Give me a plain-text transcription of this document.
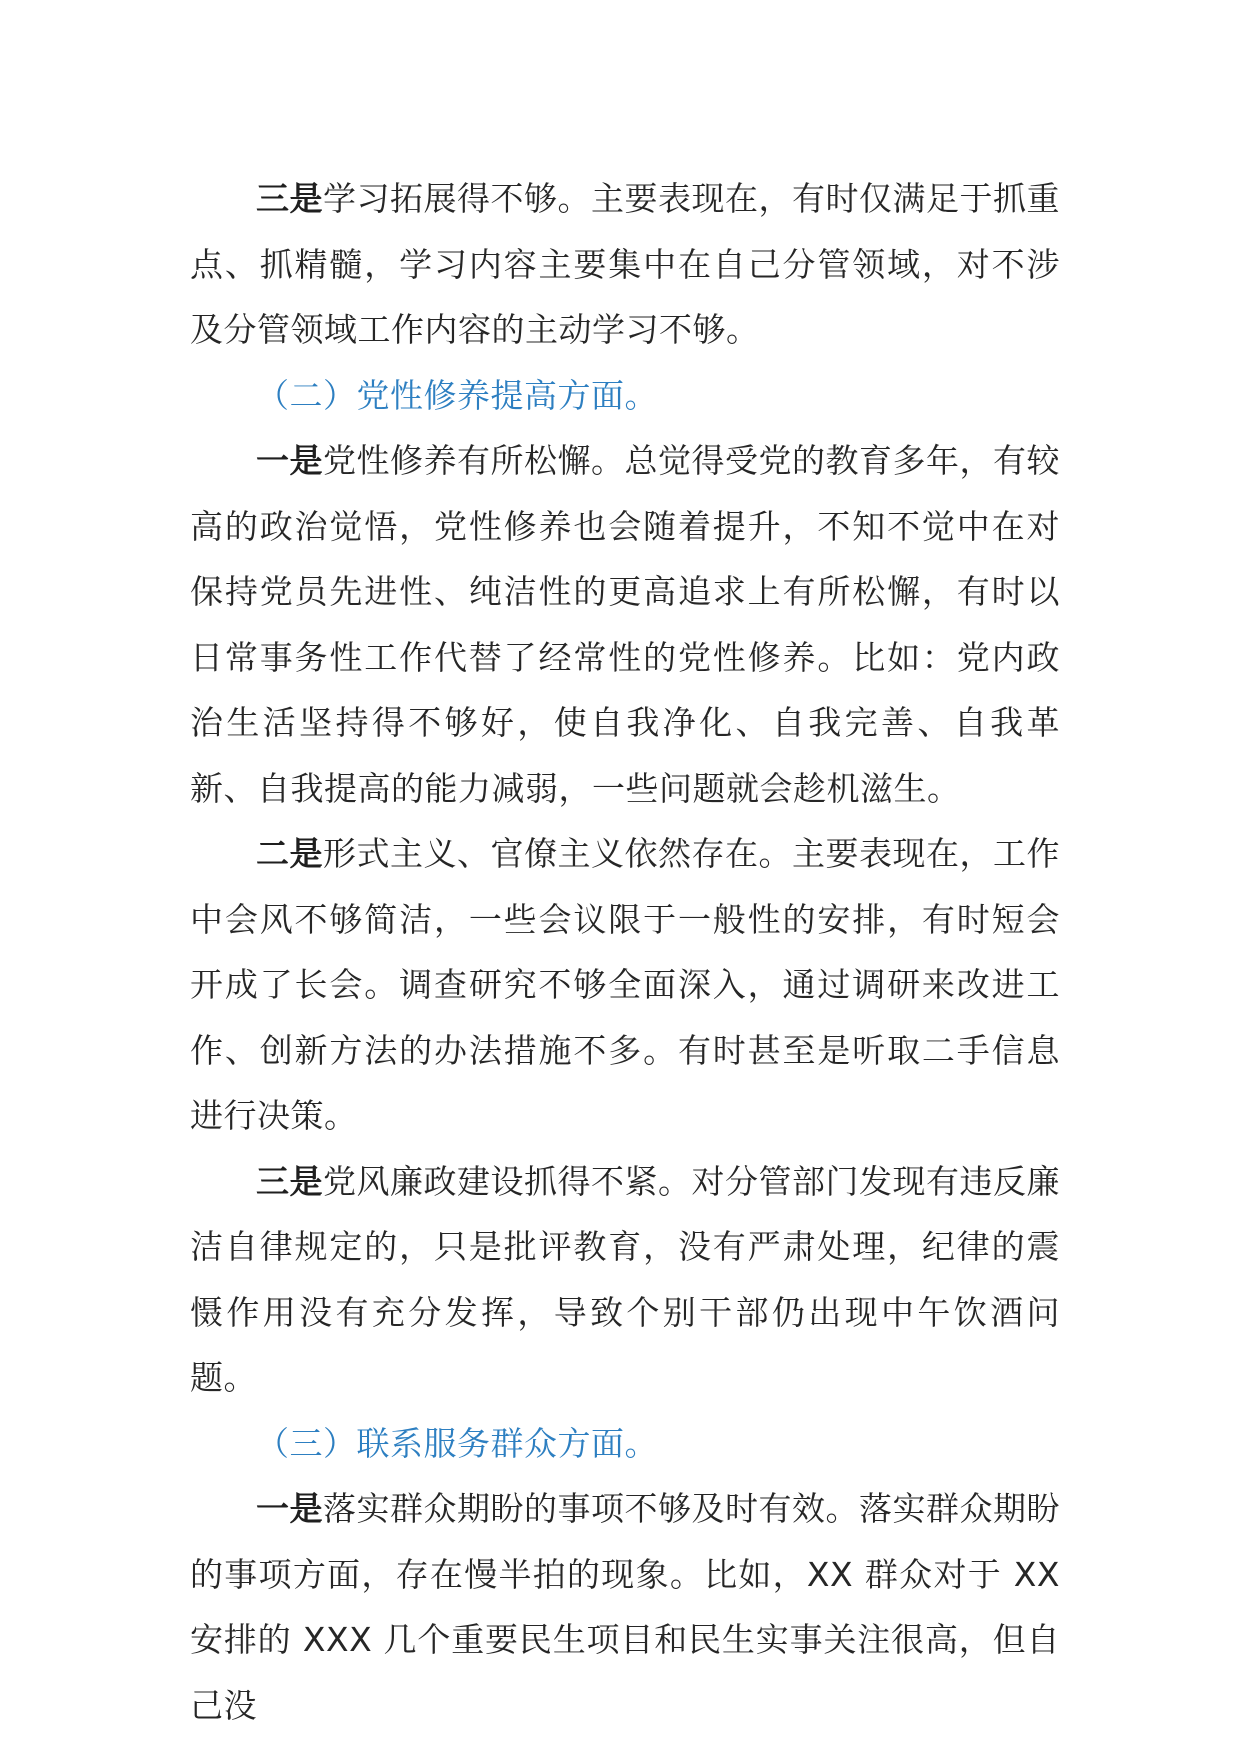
三是学习拓展得不够。主要表现在，有时仅满足于抓重点、抓精髓，学习内容主要集中在自己分管领域，对不涉及分管领域工作内容的主动学习不够。

（二）党性修养提高方面。

一是党性修养有所松懈。总觉得受党的教育多年，有较高的政治觉悟，党性修养也会随着提升，不知不觉中在对保持党员先进性、纯洁性的更高追求上有所松懈，有时以日常事务性工作代替了经常性的党性修养。比如：党内政治生活坚持得不够好，使自我净化、自我完善、自我革新、自我提高的能力减弱，一些问题就会趁机滋生。

二是形式主义、官僚主义依然存在。主要表现在，工作中会风不够简洁，一些会议限于一般性的安排，有时短会开成了长会。调查研究不够全面深入，通过调研来改进工作、创新方法的办法措施不多。有时甚至是听取二手信息进行决策。

三是党风廉政建设抓得不紧。对分管部门发现有违反廉洁自律规定的，只是批评教育，没有严肃处理，纪律的震慑作用没有充分发挥，导致个别干部仍出现中午饮酒问题。

（三）联系服务群众方面。

一是落实群众期盼的事项不够及时有效。落实群众期盼的事项方面，存在慢半拍的现象。比如，XX 群众对于 XX 安排的 XXX 几个重要民生项目和民生实事关注很高，但自己没
